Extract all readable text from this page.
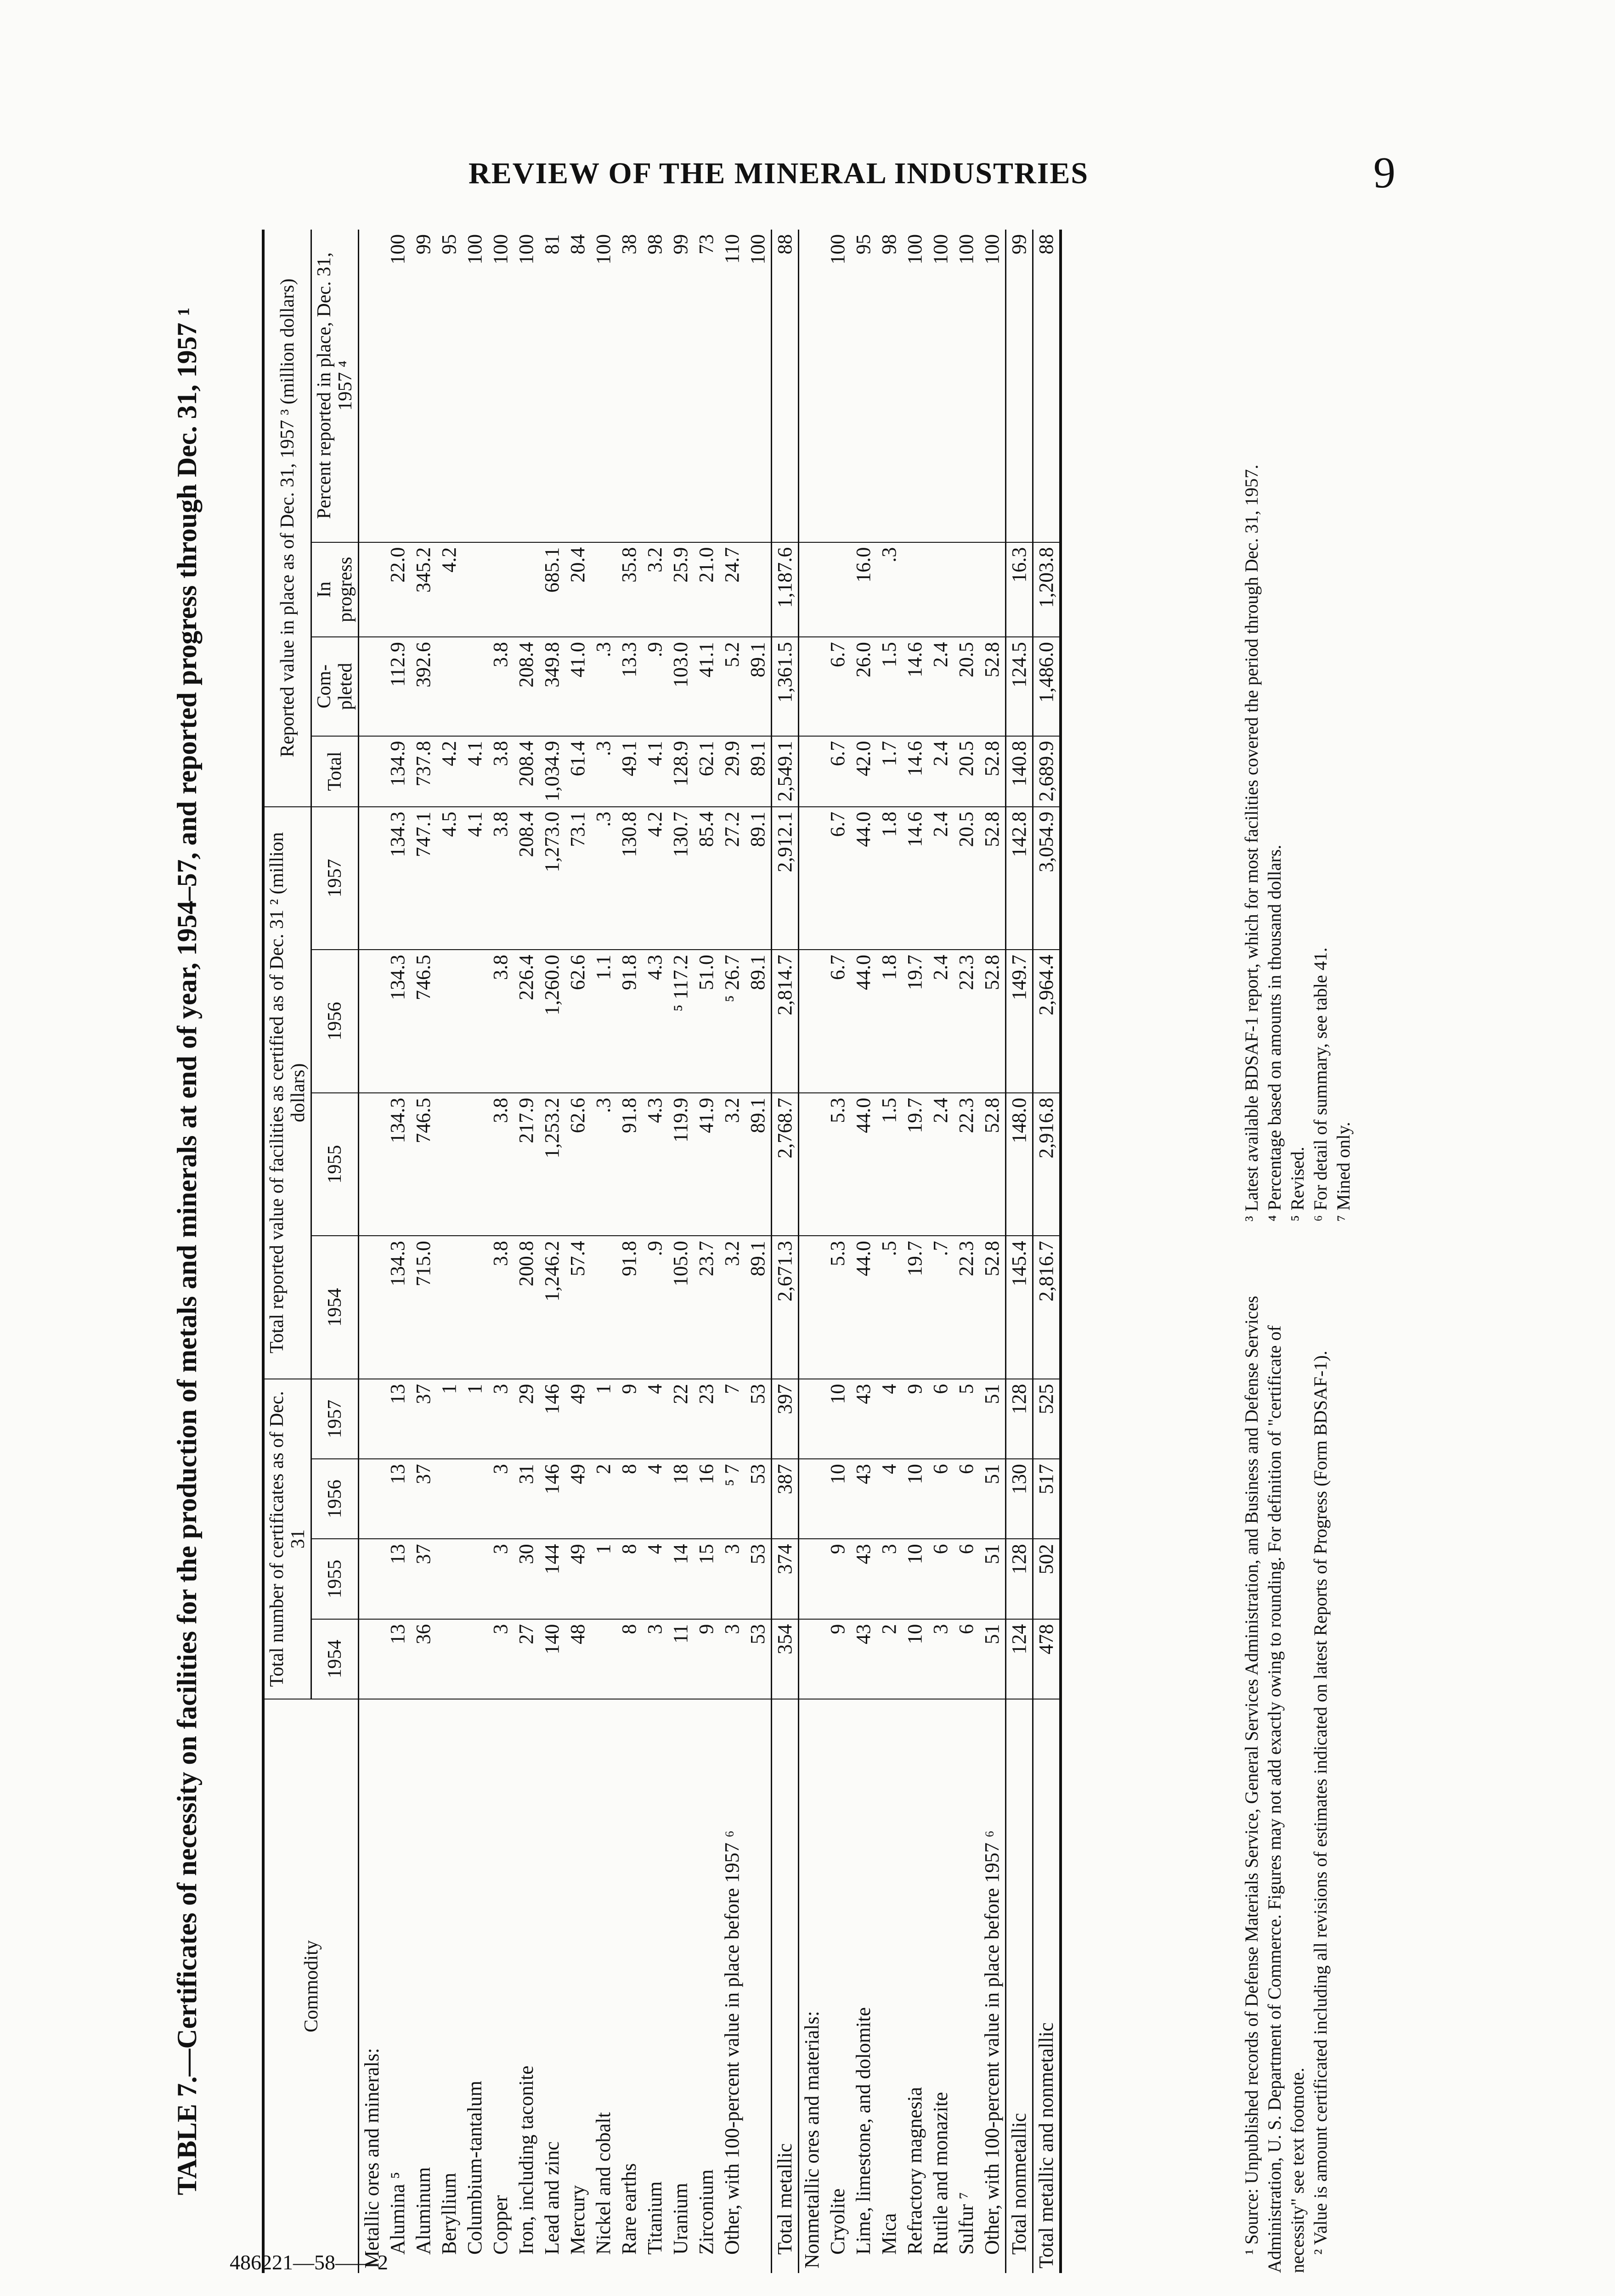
REVIEW OF THE MINERAL INDUSTRIES	9
486221—58——2
TABLE 7.—Certificates of necessity on facilities for the production of metals and minerals at end of year, 1954–57, and reported progress through Dec. 31, 1957 ¹	Commodity	Total number of certificates as of Dec. 31				Total reported value of facilities as certified as of Dec. 31 ² (million dollars)				Reported value in place as of Dec. 31, 1957 ³ (million dollars)			
	1954	1955	1956	1957	1954	1955	1956	1957	Total	Com-pleted	In progress	Percent reported in place, Dec. 31, 1957 ⁴

Metallic ores and minerals:												
Alumina ⁵	13	13	13	13	134.3	134.3	134.3	134.3	134.9	112.9	22.0	100
Aluminum	36	37	37	37	715.0	746.5	746.5	747.1	737.8	392.6	345.2	99
Beryllium				1				4.5	4.2		4.2	95
Columbium-tantalum				1				4.1	4.1			100
Copper	3	3	3	3	3.8	3.8	3.8	3.8	3.8	3.8		100
Iron, including taconite	27	30	31	29	200.8	217.9	226.4	208.4	208.4	208.4		100
Lead and zinc	140	144	146	146	1,246.2	1,253.2	1,260.0	1,273.0	1,034.9	349.8	685.1	81
Mercury	48	49	49	49	57.4	62.6	62.6	73.1	61.4	41.0	20.4	84
Nickel and cobalt		1	2	1		.3	1.1	.3	.3	.3		100
Rare earths	8	8	8	9	91.8	91.8	91.8	130.8	49.1	13.3	35.8	38
Titanium	3	4	4	4	.9	4.3	4.3	4.2	4.1	.9	3.2	98
Uranium	11	14	18	22	105.0	119.9	⁵ 117.2	130.7	128.9	103.0	25.9	99
Zirconium	9	15	16	23	23.7	41.9	51.0	85.4	62.1	41.1	21.0	73
Other, with 100-percent value in place before 1957 ⁶	3	3	⁵ 7	7	3.2	3.2	⁵ 26.7	27.2	29.9	5.2	24.7	110
	53	53	53	53	89.1	89.1	89.1	89.1	89.1	89.1		100
Total metallic	354	374	387	397	2,671.3	2,768.7	2,814.7	2,912.1	2,549.1	1,361.5	1,187.6	88
Nonmetallic ores and materials:												
Cryolite	9	9	10	10	5.3	5.3	6.7	6.7	6.7	6.7		100
Lime, limestone, and dolomite	43	43	43	43	44.0	44.0	44.0	44.0	42.0	26.0	16.0	95
Mica	2	3	4	4	.5	1.5	1.8	1.8	1.7	1.5	.3	98
Refractory magnesia	10	10	10	9	19.7	19.7	19.7	14.6	14.6	14.6		100
Rutile and monazite	3	6	6	6	.7	2.4	2.4	2.4	2.4	2.4		100
Sulfur ⁷	6	6	6	5	22.3	22.3	22.3	20.5	20.5	20.5		100
Other, with 100-percent value in place before 1957 ⁶	51	51	51	51	52.8	52.8	52.8	52.8	52.8	52.8		100
Total nonmetallic	124	128	130	128	145.4	148.0	149.7	142.8	140.8	124.5	16.3	99
Total metallic and nonmetallic	478	502	517	525	2,816.7	2,916.8	2,964.4	3,054.9	2,689.9	1,486.0	1,203.8	88

¹ Source: Unpublished records of Defense Materials Service, General Services Administration, and Business and Defense Services Administration, U. S. Department of Commerce. Figures may not add exactly owing to rounding. For definition of "certificate of necessity" see text footnote. ² Value is amount certificated including all revisions of estimates indicated on latest Reports of Progress (Form BDSAF-1).

³ Latest available BDSAF-1 report, which for most facilities covered the period through Dec. 31, 1957. ⁴ Percentage based on amounts in thousand dollars. ⁵ Revised. ⁶ For detail of summary, see table 41. ⁷ Mined only.
